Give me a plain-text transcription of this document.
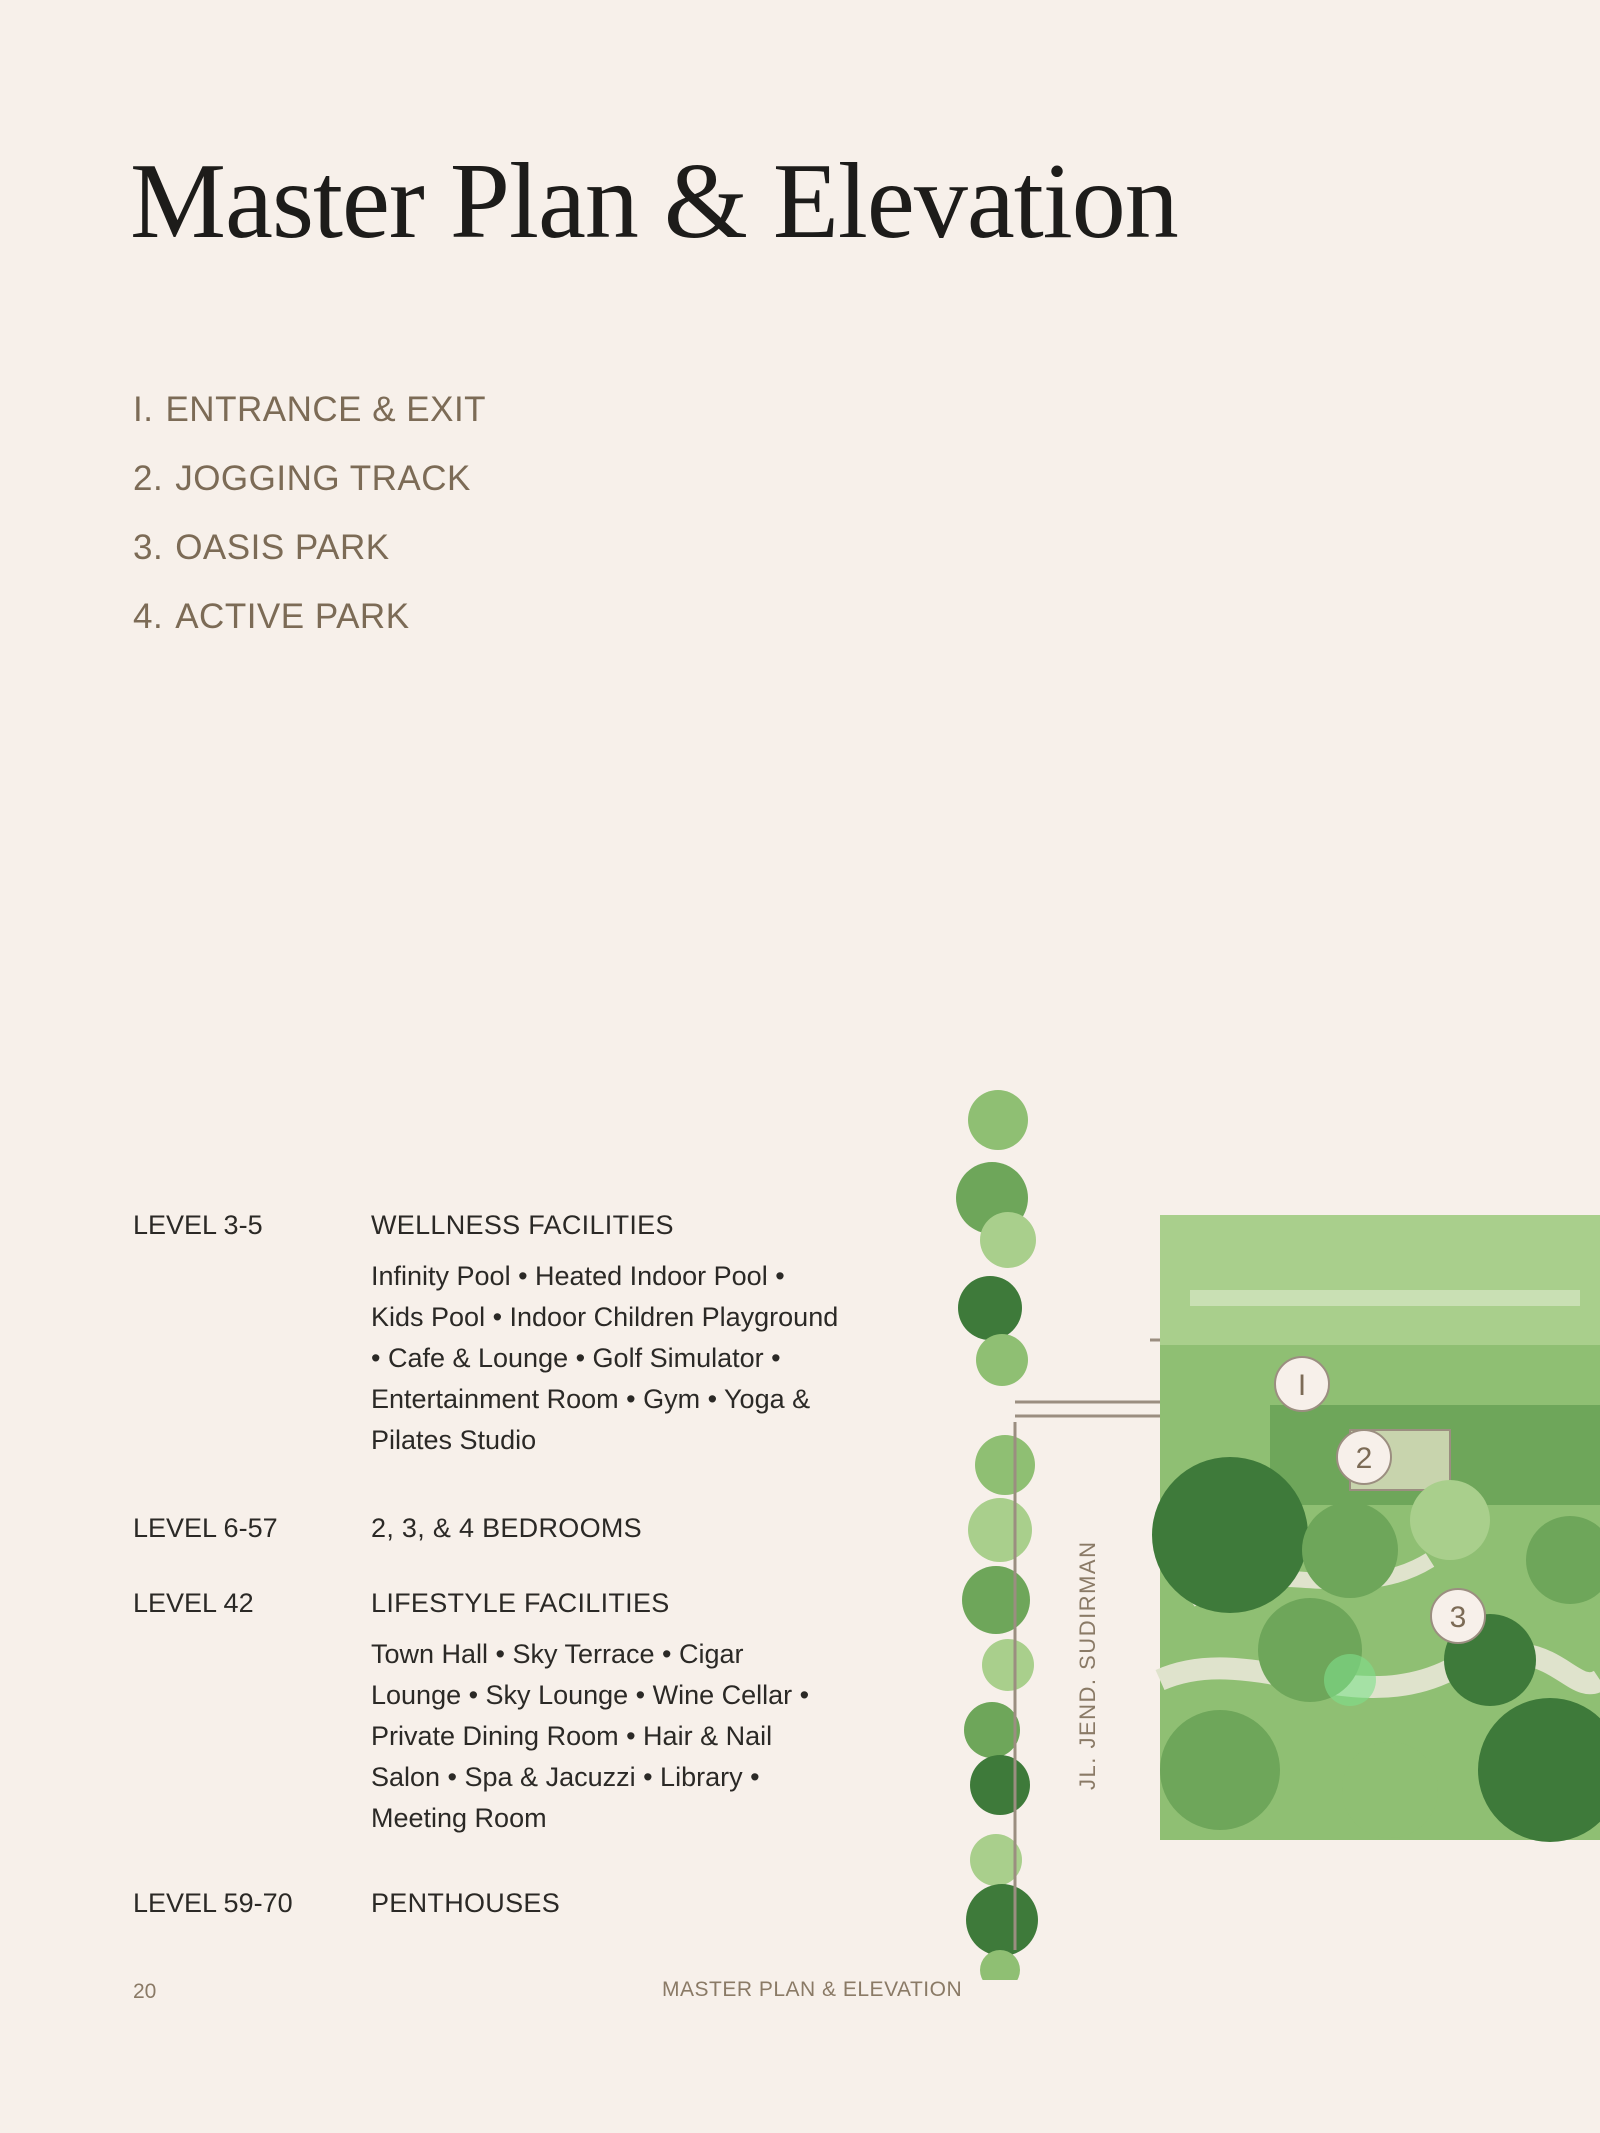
Master Plan & Elevation
I. ENTRANCE & EXIT
2. JOGGING TRACK
3. OASIS PARK
4. ACTIVE PARK
LEVEL 3-5	WELLNESS FACILITIES
Infinity Pool • Heated Indoor Pool • Kids Pool • Indoor Children Playground • Cafe & Lounge • Golf Simulator • Entertainment Room • Gym • Yoga & Pilates Studio
LEVEL 6-57	2, 3, & 4 BEDROOMS
LEVEL 42	LIFESTYLE FACILITIES
Town Hall • Sky Terrace • Cigar Lounge • Sky Lounge • Wine Cellar • Private Dining Room • Hair & Nail Salon • Spa & Jacuzzi • Library • Meeting Room
LEVEL 59-70	PENTHOUSES
I
2
3
JL. JEND. SUDIRMAN
20	MASTER PLAN & ELEVATION
